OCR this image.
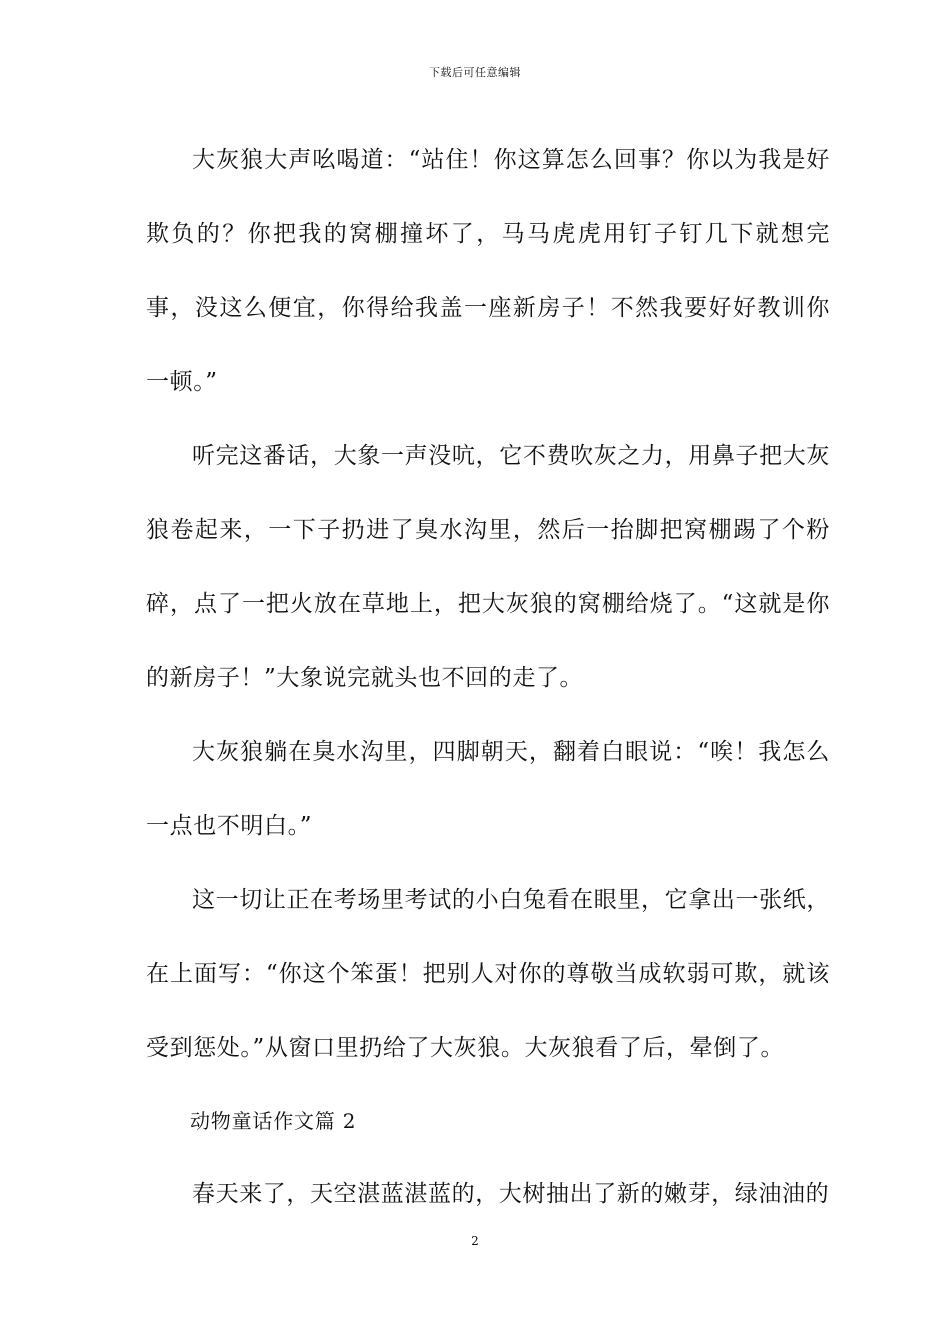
下载后可任意编辑

大灰狼大声吆喝道：“站住！你这算怎么回事？你以为我是好欺负的？你把我的窝棚撞坏了，马马虎虎用钉子钉几下就想完事，没这么便宜，你得给我盖一座新房子！不然我要好好教训你一顿。”

听完这番话，大象一声没吭，它不费吹灰之力，用鼻子把大灰狼卷起来，一下子扔进了臭水沟里，然后一抬脚把窝棚踢了个粉碎，点了一把火放在草地上，把大灰狼的窝棚给烧了。“这就是你的新房子！”大象说完就头也不回的走了。

大灰狼躺在臭水沟里，四脚朝天，翻着白眼说：“唉！我怎么一点也不明白。”

这一切让正在考场里考试的小白兔看在眼里，它拿出一张纸，在上面写：“你这个笨蛋！把别人对你的尊敬当成软弱可欺，就该受到惩处。”从窗口里扔给了大灰狼。大灰狼看了后，晕倒了。

动物童话作文篇 2

春天来了，天空湛蓝湛蓝的，大树抽出了新的嫩芽，绿油油的

2
